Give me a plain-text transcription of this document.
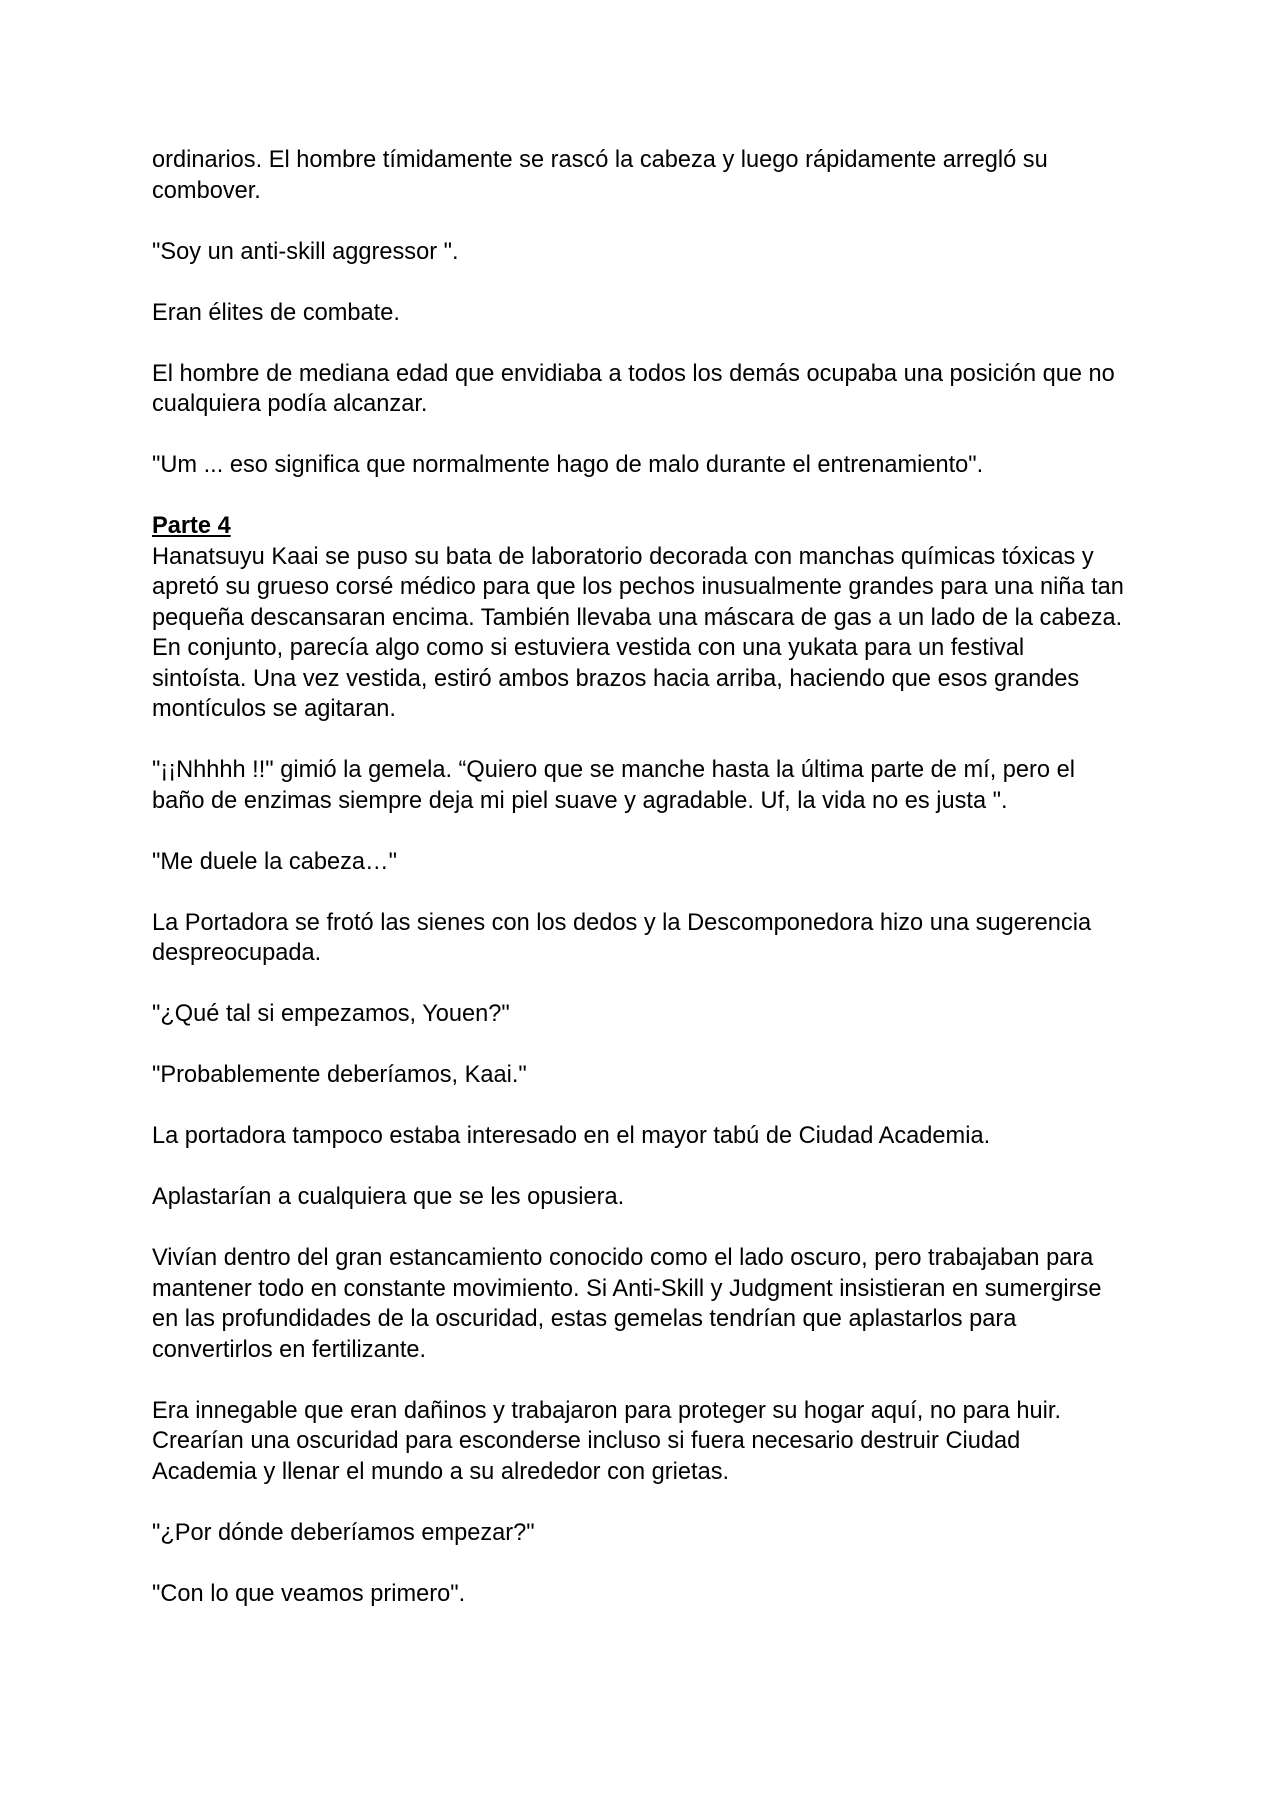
ordinarios. El hombre tímidamente se rascó la cabeza y luego rápidamente arregló su combover.

"Soy un anti-skill aggressor ".

Eran élites de combate.

El hombre de mediana edad que envidiaba a todos los demás ocupaba una posición que no cualquiera podía alcanzar.

"Um ... eso significa que normalmente hago de malo durante el entrenamiento".

Parte 4

Hanatsuyu Kaai se puso su bata de laboratorio decorada con manchas químicas tóxicas y apretó su grueso corsé médico para que los pechos inusualmente grandes para una niña tan pequeña descansaran encima. También llevaba una máscara de gas a un lado de la cabeza. En conjunto, parecía algo como si estuviera vestida con una yukata para un festival sintoísta. Una vez vestida, estiró ambos brazos hacia arriba, haciendo que esos grandes montículos se agitaran.

"¡¡Nhhhh !!" gimió la gemela. “Quiero que se manche hasta la última parte de mí, pero el baño de enzimas siempre deja mi piel suave y agradable. Uf, la vida no es justa ".

"Me duele la cabeza…"

La Portadora se frotó las sienes con los dedos y la Descomponedora hizo una sugerencia despreocupada.

"¿Qué tal si empezamos, Youen?"

"Probablemente deberíamos, Kaai."

La portadora tampoco estaba interesado en el mayor tabú de Ciudad Academia.

Aplastarían a cualquiera que se les opusiera.

Vivían dentro del gran estancamiento conocido como el lado oscuro, pero trabajaban para mantener todo en constante movimiento. Si Anti-Skill y Judgment insistieran en sumergirse en las profundidades de la oscuridad, estas gemelas tendrían que aplastarlos para convertirlos en fertilizante.

Era innegable que eran dañinos y trabajaron para proteger su hogar aquí, no para huir. Crearían una oscuridad para esconderse incluso si fuera necesario destruir Ciudad Academia y llenar el mundo a su alrededor con grietas.

"¿Por dónde deberíamos empezar?"

"Con lo que veamos primero".
